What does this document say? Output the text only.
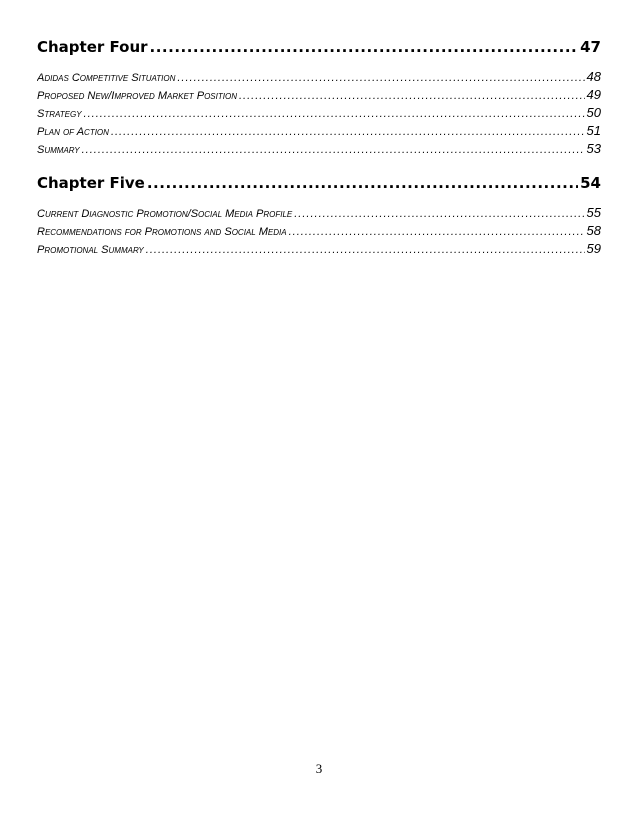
Chapter Four .....	47
Adidas Competitive Situation .....	48
Proposed New/Improved Market Position .....	49
Strategy .....	50
Plan of Action .....	51
Summary .....	53
Chapter Five .....	54
Current Diagnostic Promotion/Social Media Profile .....	55
Recommendations for Promotions and Social Media .....	58
Promotional Summary .....	59
3
